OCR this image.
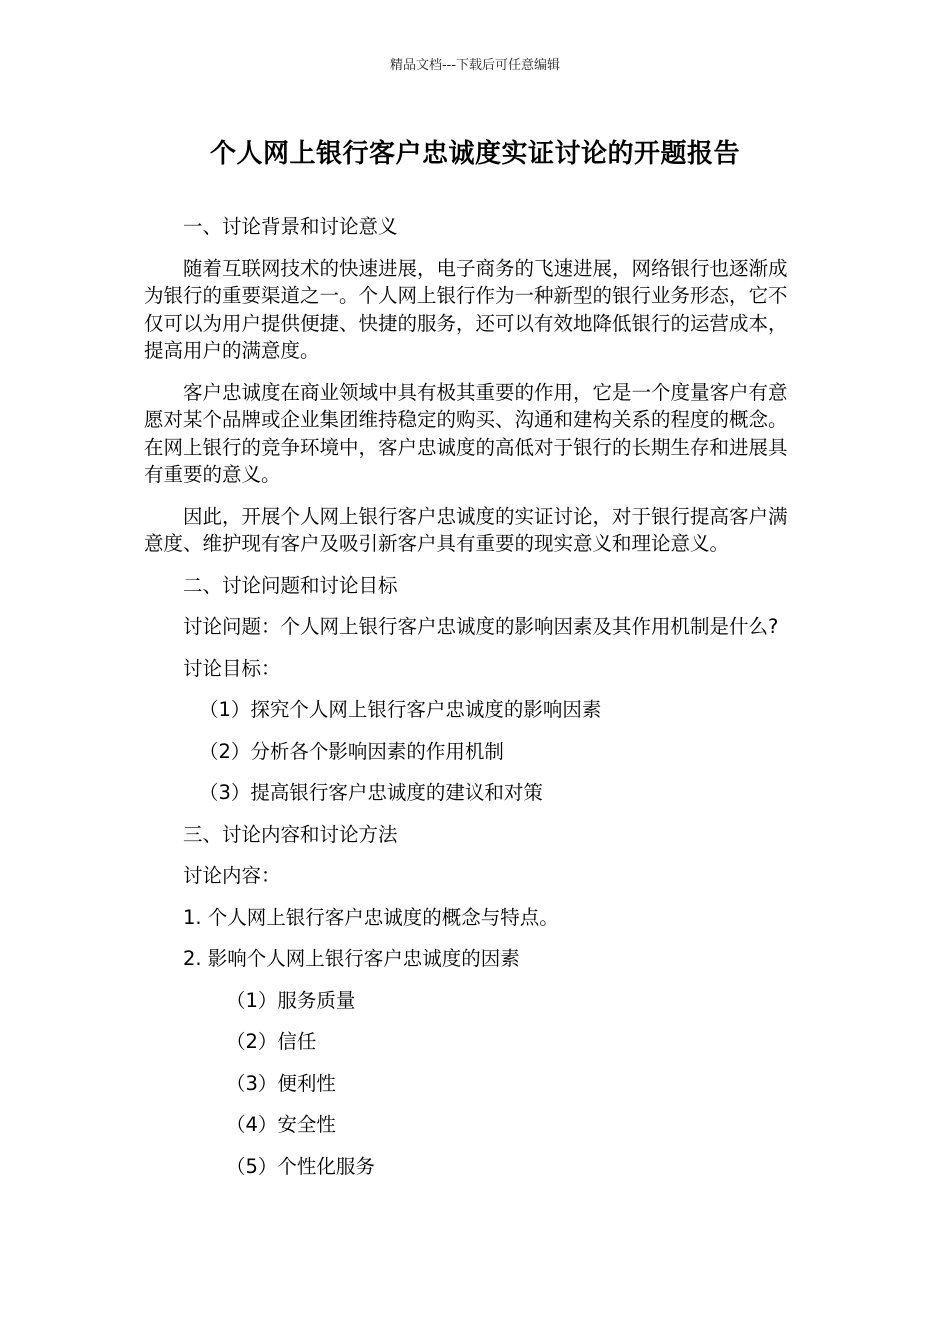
精品文档---下载后可任意编辑
个人网上银行客户忠诚度实证讨论的开题报告

一、讨论背景和讨论意义

随着互联网技术的快速进展，电子商务的飞速进展，网络银行也逐渐成为银行的重要渠道之一。个人网上银行作为一种新型的银行业务形态，它不仅可以为用户提供便捷、快捷的服务，还可以有效地降低银行的运营成本，提高用户的满意度。

客户忠诚度在商业领域中具有极其重要的作用，它是一个度量客户有意愿对某个品牌或企业集团维持稳定的购买、沟通和建构关系的程度的概念。在网上银行的竞争环境中，客户忠诚度的高低对于银行的长期生存和进展具有重要的意义。

因此，开展个人网上银行客户忠诚度的实证讨论，对于银行提高客户满意度、维护现有客户及吸引新客户具有重要的现实意义和理论意义。

二、讨论问题和讨论目标

讨论问题：个人网上银行客户忠诚度的影响因素及其作用机制是什么?

讨论目标：

（1）探究个人网上银行客户忠诚度的影响因素

（2）分析各个影响因素的作用机制

（3）提高银行客户忠诚度的建议和对策

三、讨论内容和讨论方法

讨论内容：

1. 个人网上银行客户忠诚度的概念与特点。

2. 影响个人网上银行客户忠诚度的因素

（1）服务质量

（2）信任

（3）便利性

（4）安全性

（5）个性化服务
